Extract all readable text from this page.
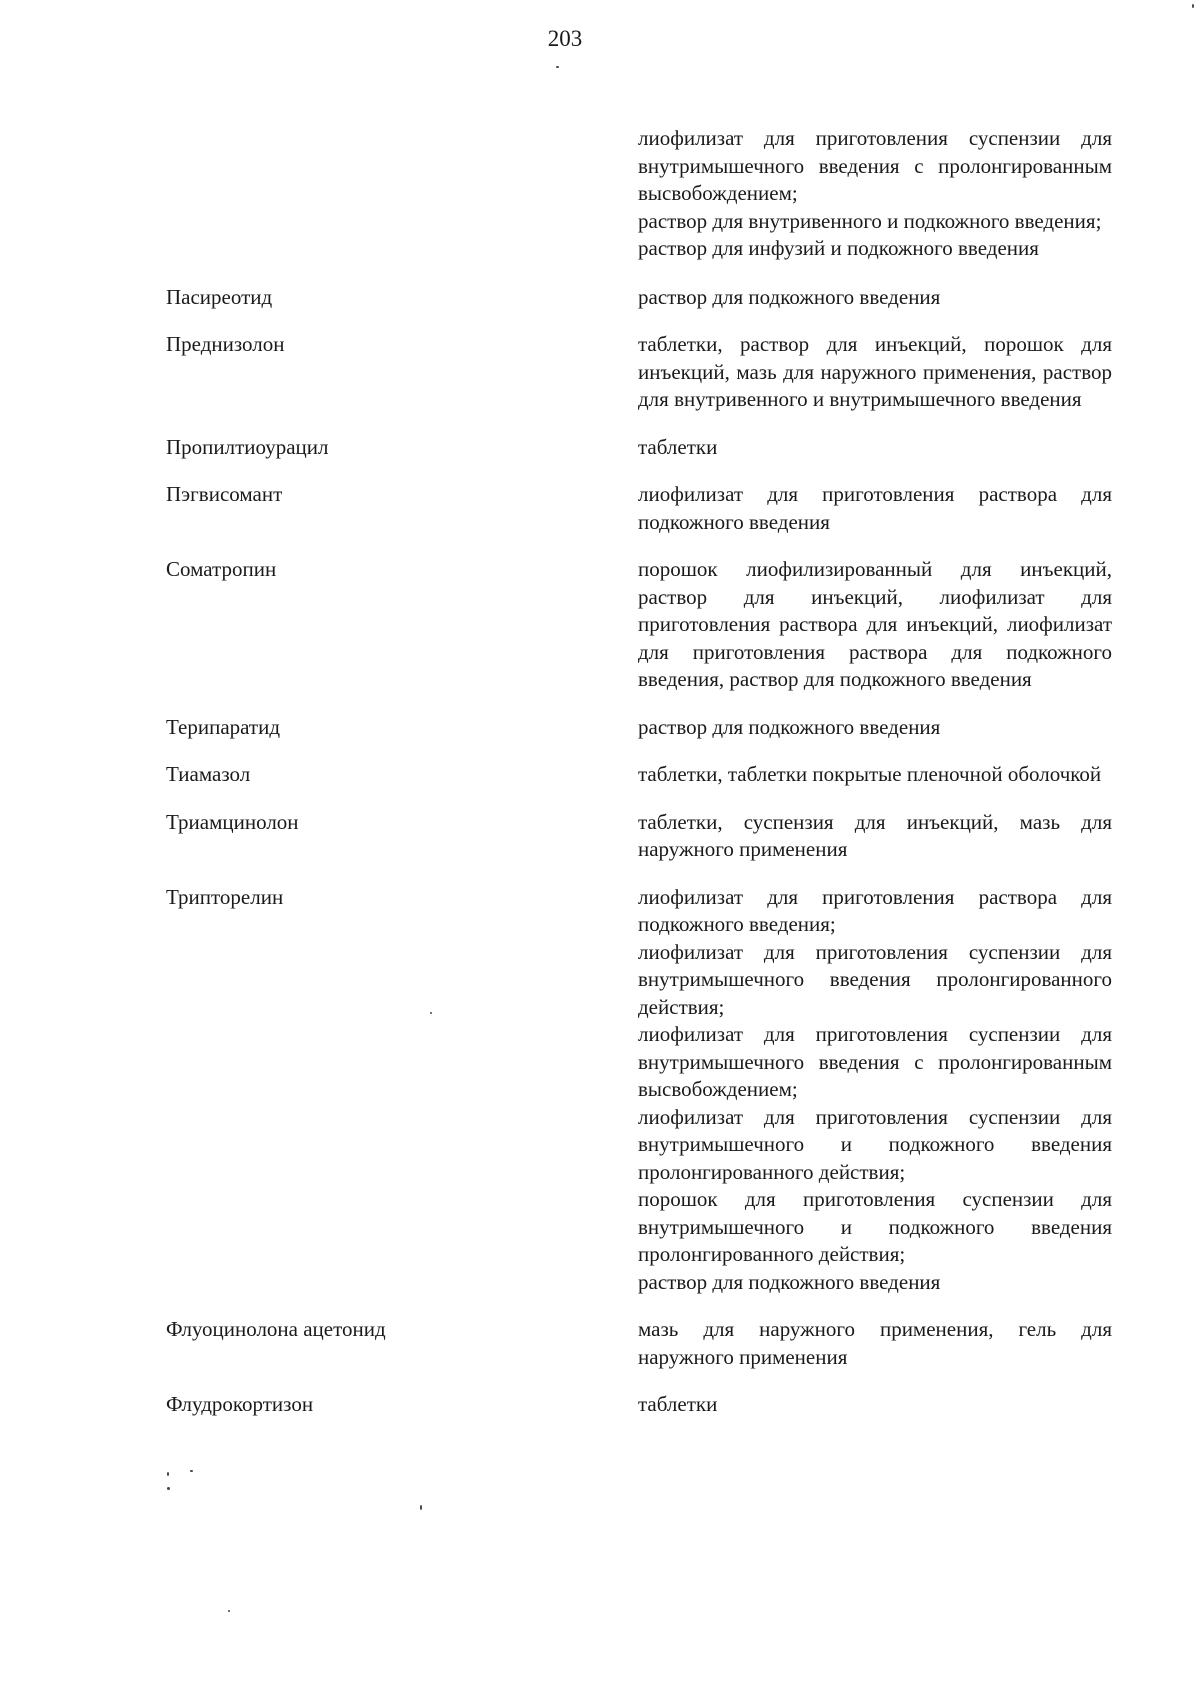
203
лиофилизат для приготовления суспензии для внутримышечного введения с пролонгированным высвобождением;
раствор для внутривенного и подкожного введения;
раствор для инфузий и подкожного введения
Пасиреотид	раствор для подкожного введения
Преднизолон	таблетки, раствор для инъекций, порошок для инъекций, мазь для наружного применения, раствор для внутривенного и внутримышечного введения
Пропилтиоурацил	таблетки
Пэгвисомант	лиофилизат для приготовления раствора для подкожного введения
Соматропин	порошок лиофилизированный для инъекций, раствор для инъекций, лиофилизат для приготовления раствора для инъекций, лиофилизат для приготовления раствора для подкожного введения, раствор для подкожного введения
Терипаратид	раствор для подкожного введения
Тиамазол	таблетки, таблетки покрытые пленочной оболочкой
Триамцинолон	таблетки, суспензия для инъекций, мазь для наружного применения
Трипторелин	лиофилизат для приготовления раствора для подкожного введения;
лиофилизат для приготовления суспензии для внутримышечного введения пролонгированного действия;
лиофилизат для приготовления суспензии для внутримышечного введения с пролонгированным высвобождением;
лиофилизат для приготовления суспензии для внутримышечного и подкожного введения пролонгированного действия;
порошок для приготовления суспензии для внутримышечного и подкожного введения пролонгированного действия;
раствор для подкожного введения
Флуоцинолона ацетонид	мазь для наружного применения, гель для наружного применения
Флудрокортизон	таблетки
